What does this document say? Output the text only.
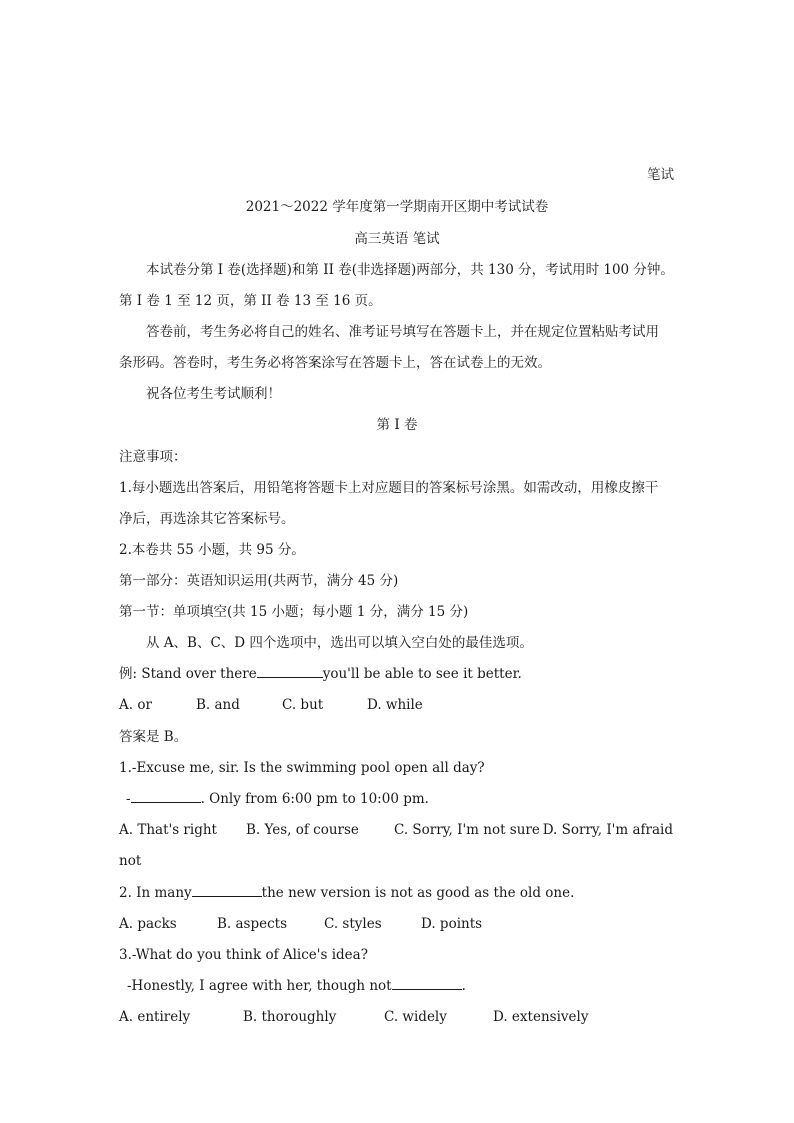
笔试
2021～2022 学年度第一学期南开区期中考试试卷
高三英语 笔试
本试卷分第 I 卷(选择题)和第 II 卷(非选择题)两部分，共 130 分，考试用时 100 分钟。
第 I 卷 1 至 12 页，第 II 卷 13 至 16 页。
答卷前，考生务必将自己的姓名、准考证号填写在答题卡上，并在规定位置粘贴考试用
条形码。答卷时，考生务必将答案涂写在答题卡上，答在试卷上的无效。
祝各位考生考试顺利！
第 I 卷
注意事项：
1.每小题选出答案后，用铅笔将答题卡上对应题目的答案标号涂黑。如需改动，用橡皮擦干
净后，再选涂其它答案标号。
2.本卷共 55 小题，共 95 分。
第一部分：英语知识运用(共两节，满分 45 分)
第一节：单项填空(共 15 小题；每小题 1 分，满分 15 分)
从 A、B、C、D 四个选项中，选出可以填入空白处的最佳选项。
例: Stand over there	you'll be able to see it better.
A. or	B. and	C. but	D. while
答案是 B。
1.-Excuse me, sir. Is the swimming pool open all day?
-	. Only from 6:00 pm to 10:00 pm.
A. That's right B. Yes, of course	C. Sorry, I'm not sure D. Sorry, I'm afraid
not
2. In many	the new version is not as good as the old one.
A. packs	B. aspects	C. styles	D. points
3.-What do you think of Alice's idea?
-Honestly, I agree with her, though not	.
A. entirely	B. thoroughly	C. widely	D. extensively
